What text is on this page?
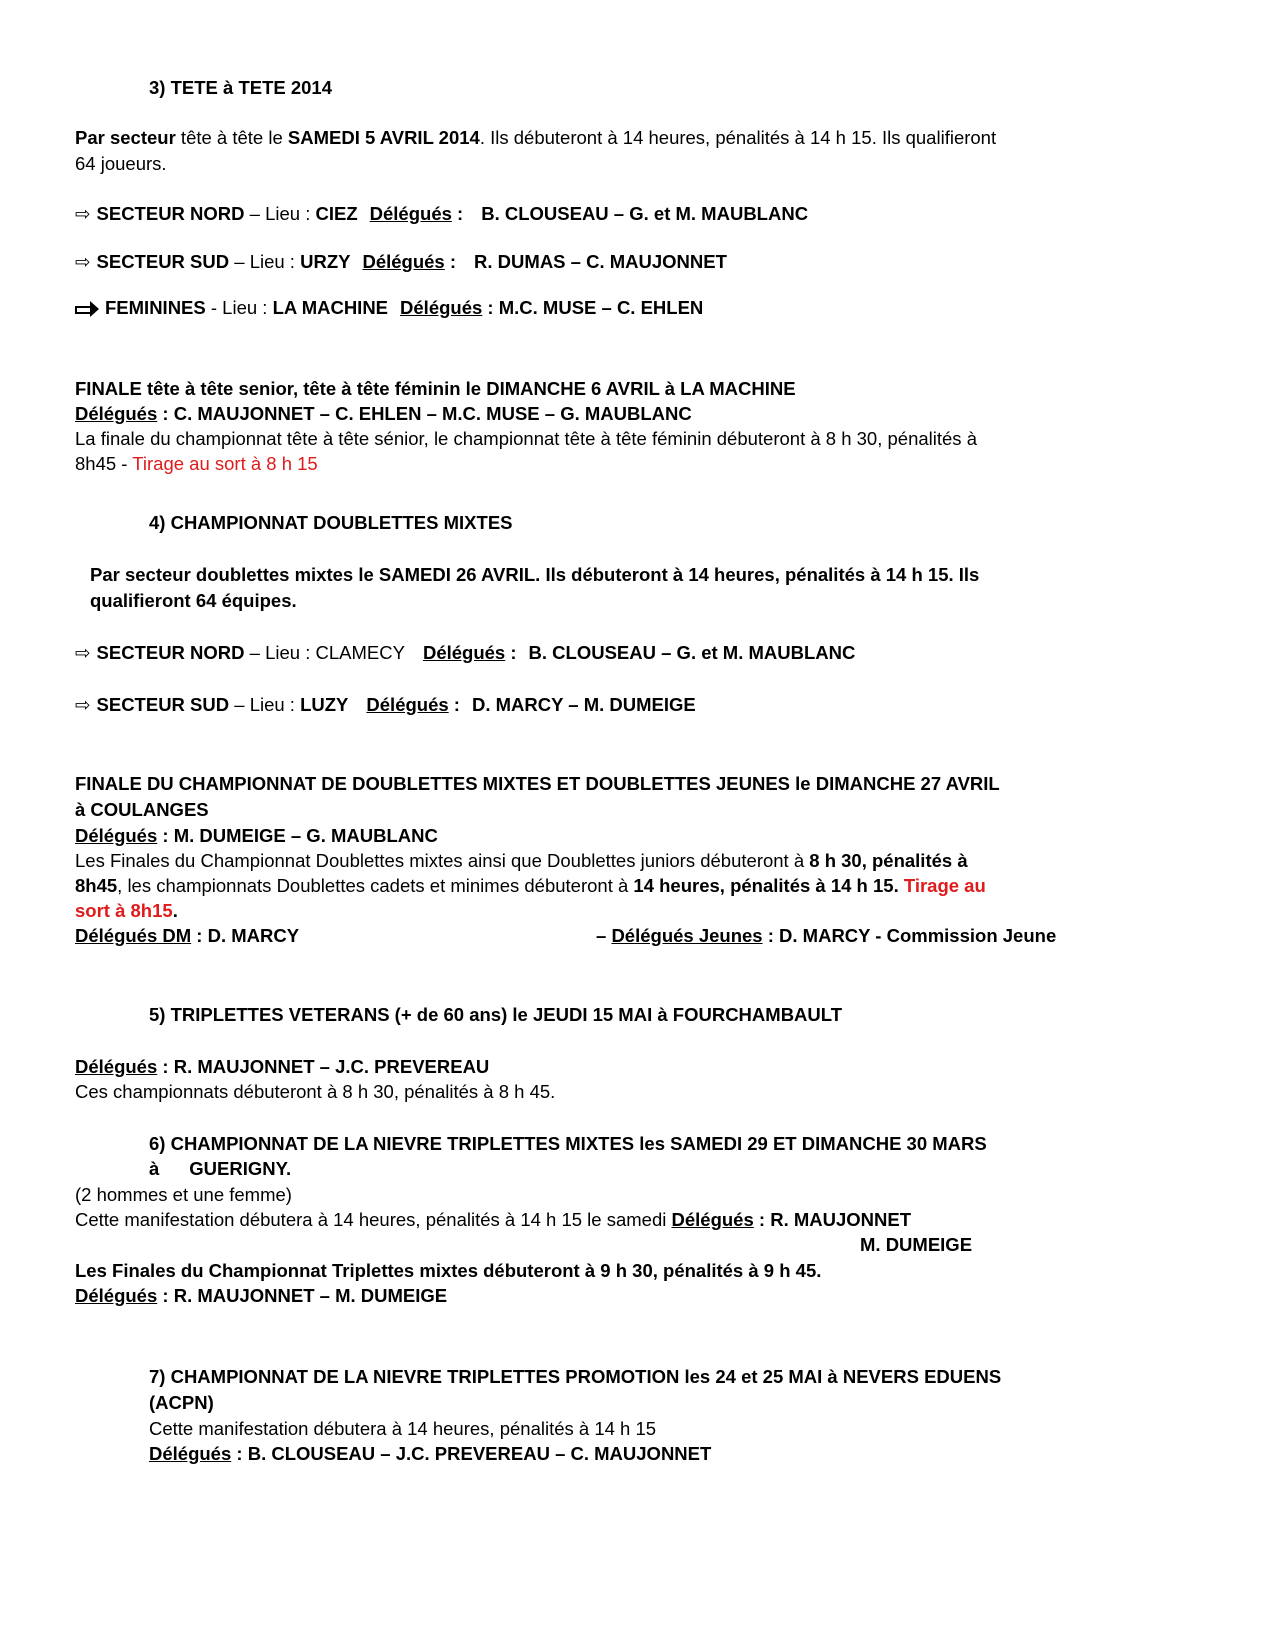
3) TETE à TETE 2014
Par secteur tête à tête le SAMEDI 5 AVRIL 2014. Ils débuteront à 14 heures, pénalités à 14 h 15. Ils qualifieront
64 joueurs.
⇨ SECTEUR NORD – Lieu : CIEZ Délégués : B. CLOUSEAU – G. et M. MAUBLANC
⇨ SECTEUR SUD – Lieu : URZY Délégués : R. DUMAS – C. MAUJONNET
FEMININES - Lieu : LA MACHINE Délégués : M.C. MUSE – C. EHLEN
FINALE tête à tête senior, tête à tête féminin le DIMANCHE 6 AVRIL à LA MACHINE
Délégués : C. MAUJONNET – C. EHLEN – M.C. MUSE – G. MAUBLANC
La finale du championnat tête à tête sénior, le championnat tête à tête féminin débuteront à 8 h 30, pénalités à
8h45 - Tirage au sort à 8 h 15
4) CHAMPIONNAT DOUBLETTES MIXTES
Par secteur doublettes mixtes le SAMEDI 26 AVRIL. Ils débuteront à 14 heures, pénalités à 14 h 15. Ils
qualifieront 64 équipes.
⇨ SECTEUR NORD – Lieu : CLAMECY Délégués : B. CLOUSEAU – G. et M. MAUBLANC
⇨ SECTEUR SUD – Lieu : LUZY Délégués : D. MARCY – M. DUMEIGE
FINALE DU CHAMPIONNAT DE DOUBLETTES MIXTES ET DOUBLETTES JEUNES le DIMANCHE 27 AVRIL
à COULANGES
Délégués : M. DUMEIGE – G. MAUBLANC
Les Finales du Championnat Doublettes mixtes ainsi que Doublettes juniors débuteront à 8 h 30, pénalités à
8h45, les championnats Doublettes cadets et minimes débuteront à 14 heures, pénalités à 14 h 15. Tirage au
sort à 8h15.
Délégués DM : D. MARCY	– Délégués Jeunes : D. MARCY - Commission Jeune
5) TRIPLETTES VETERANS (+ de 60 ans) le JEUDI 15 MAI à FOURCHAMBAULT
Délégués : R. MAUJONNET – J.C. PREVEREAU
Ces championnats débuteront à 8 h 30, pénalités à 8 h 45.
6) CHAMPIONNAT DE LA NIEVRE TRIPLETTES MIXTES les SAMEDI 29 ET DIMANCHE 30 MARS
à GUERIGNY.
(2 hommes et une femme)
Cette manifestation débutera à 14 heures, pénalités à 14 h 15 le samedi Délégués : R. MAUJONNET
M. DUMEIGE
Les Finales du Championnat Triplettes mixtes débuteront à 9 h 30, pénalités à 9 h 45.
Délégués : R. MAUJONNET – M. DUMEIGE
7) CHAMPIONNAT DE LA NIEVRE TRIPLETTES PROMOTION les 24 et 25 MAI à NEVERS EDUENS
(ACPN)
Cette manifestation débutera à 14 heures, pénalités à 14 h 15
Délégués : B. CLOUSEAU – J.C. PREVEREAU – C. MAUJONNET
